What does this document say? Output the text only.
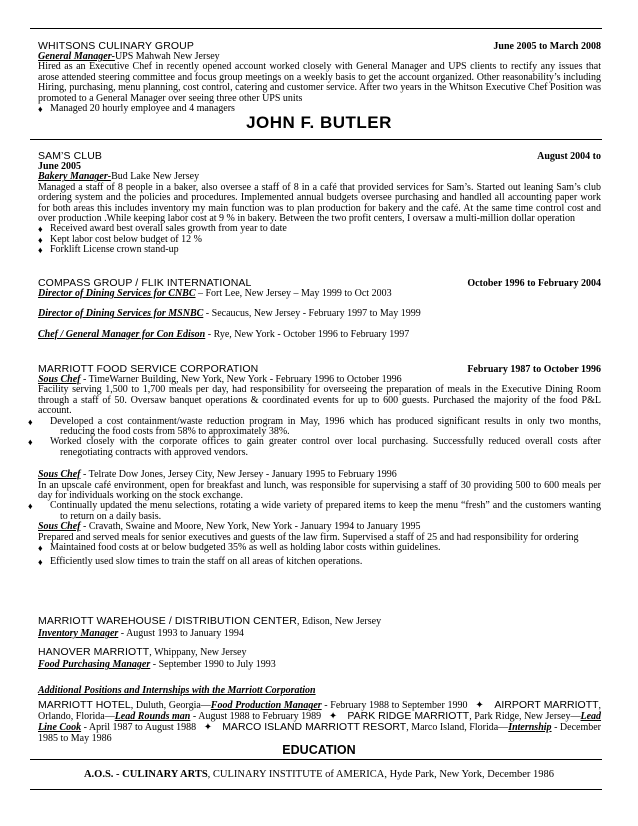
WHITSONS CULINARY GROUP	June 2005 to March 2008
General Manager-UPS Mahwah New Jersey
Hired as an Executive Chef in recently opened account worked closely with General Manager and UPS clients to rectify any issues that arose attended steering committee and focus group meetings on a weekly basis to get the account organized. Other reasonability’s including Hiring, purchasing, menu planning, cost control, catering and customer service. After two years in the Whitson Executive Chef Position was promoted to a General Manager over seeing three other UPS units
♦ Managed 20 hourly employee and 4 managers
JOHN F. BUTLER
SAM’S CLUB	August 2004 to
June 2005
Bakery Manager-Bud Lake New Jersey
Managed a staff of 8 people in a baker, also oversee a staff of 8 in a café that provided services for Sam’s. Started out leaning Sam’s club ordering system and the policies and procedures. Implemented annual budgets oversee purchasing and handled all accounting paper work for both areas this includes inventory my main function was to plan production for bakery and the café. At the same time control cost and over production .While keeping labor cost at 9 % in bakery. Between the two profit centers, I oversaw a multi-million dollar operation
♦ Received award best overall sales growth from year to date
♦ Kept labor cost below budget of 12 %
♦ Forklift License crown stand-up
COMPASS GROUP / FLIK INTERNATIONAL	October 1996 to February 2004
Director of Dining Services for CNBC – Fort Lee, New Jersey – May 1999 to Oct 2003
Director of Dining Services for MSNBC - Secaucus, New Jersey - February 1997 to May 1999
Chef / General Manager for Con Edison - Rye, New York - October 1996 to February 1997
MARRIOTT FOOD SERVICE CORPORATION	February 1987 to October 1996
Sous Chef - TimeWarner Building, New York, New York - February 1996 to October 1996
Facility serving 1,500 to 1,700 meals per day, had responsibility for overseeing the preparation of meals in the Executive Dining Room through a staff of 50. Oversaw banquet operations & coordinated events for up to 600 guests. Purchased the majority of the food P&L account.
♦	Developed a cost containment/waste reduction program in May, 1996 which has produced significant results in only two months, reducing the food costs from 58% to approximately 38%.
♦	Worked closely with the corporate offices to gain greater control over local purchasing. Successfully reduced overall costs after renegotiating contracts with approved vendors.
Sous Chef - Telrate Dow Jones, Jersey City, New Jersey - January 1995 to February 1996
In an upscale café environment, open for breakfast and lunch, was responsible for supervising a staff of 30 providing 500 to 600 meals per day for individuals working on the stock exchange.
♦	Continually updated the menu selections, rotating a wide variety of prepared items to keep the menu “fresh” and the customers wanting to return on a daily basis.
Sous Chef - Cravath, Swaine and Moore, New York, New York - January 1994 to January 1995
Prepared and served meals for senior executives and guests of the law firm. Supervised a staff of 25 and had responsibility for ordering
♦ Maintained food costs at or below budgeted 35% as well as holding labor costs within guidelines.
♦ Efficiently used slow times to train the staff on all areas of kitchen operations.
MARRIOTT WAREHOUSE / DISTRIBUTION CENTER, Edison, New Jersey
Inventory Manager - August 1993 to January 1994
HANOVER MARRIOTT, Whippany, New Jersey
Food Purchasing Manager - September 1990 to July 1993
Additional Positions and Internships with the Marriott Corporation
MARRIOTT HOTEL, Duluth, Georgia—Food Production Manager - February 1988 to September 1990 ✦ AIRPORT MARRIOTT, Orlando, Florida—Lead Rounds man - August 1988 to February 1989 ✦ PARK RIDGE MARRIOTT, Park Ridge, New Jersey—Lead Line Cook - April 1987 to August 1988 ✦ MARCO ISLAND MARRIOTT RESORT, Marco Island, Florida—Internship - December 1985 to May 1986
EDUCATION
A.O.S. - CULINARY ARTS, CULINARY INSTITUTE of AMERICA, Hyde Park, New York, December 1986
